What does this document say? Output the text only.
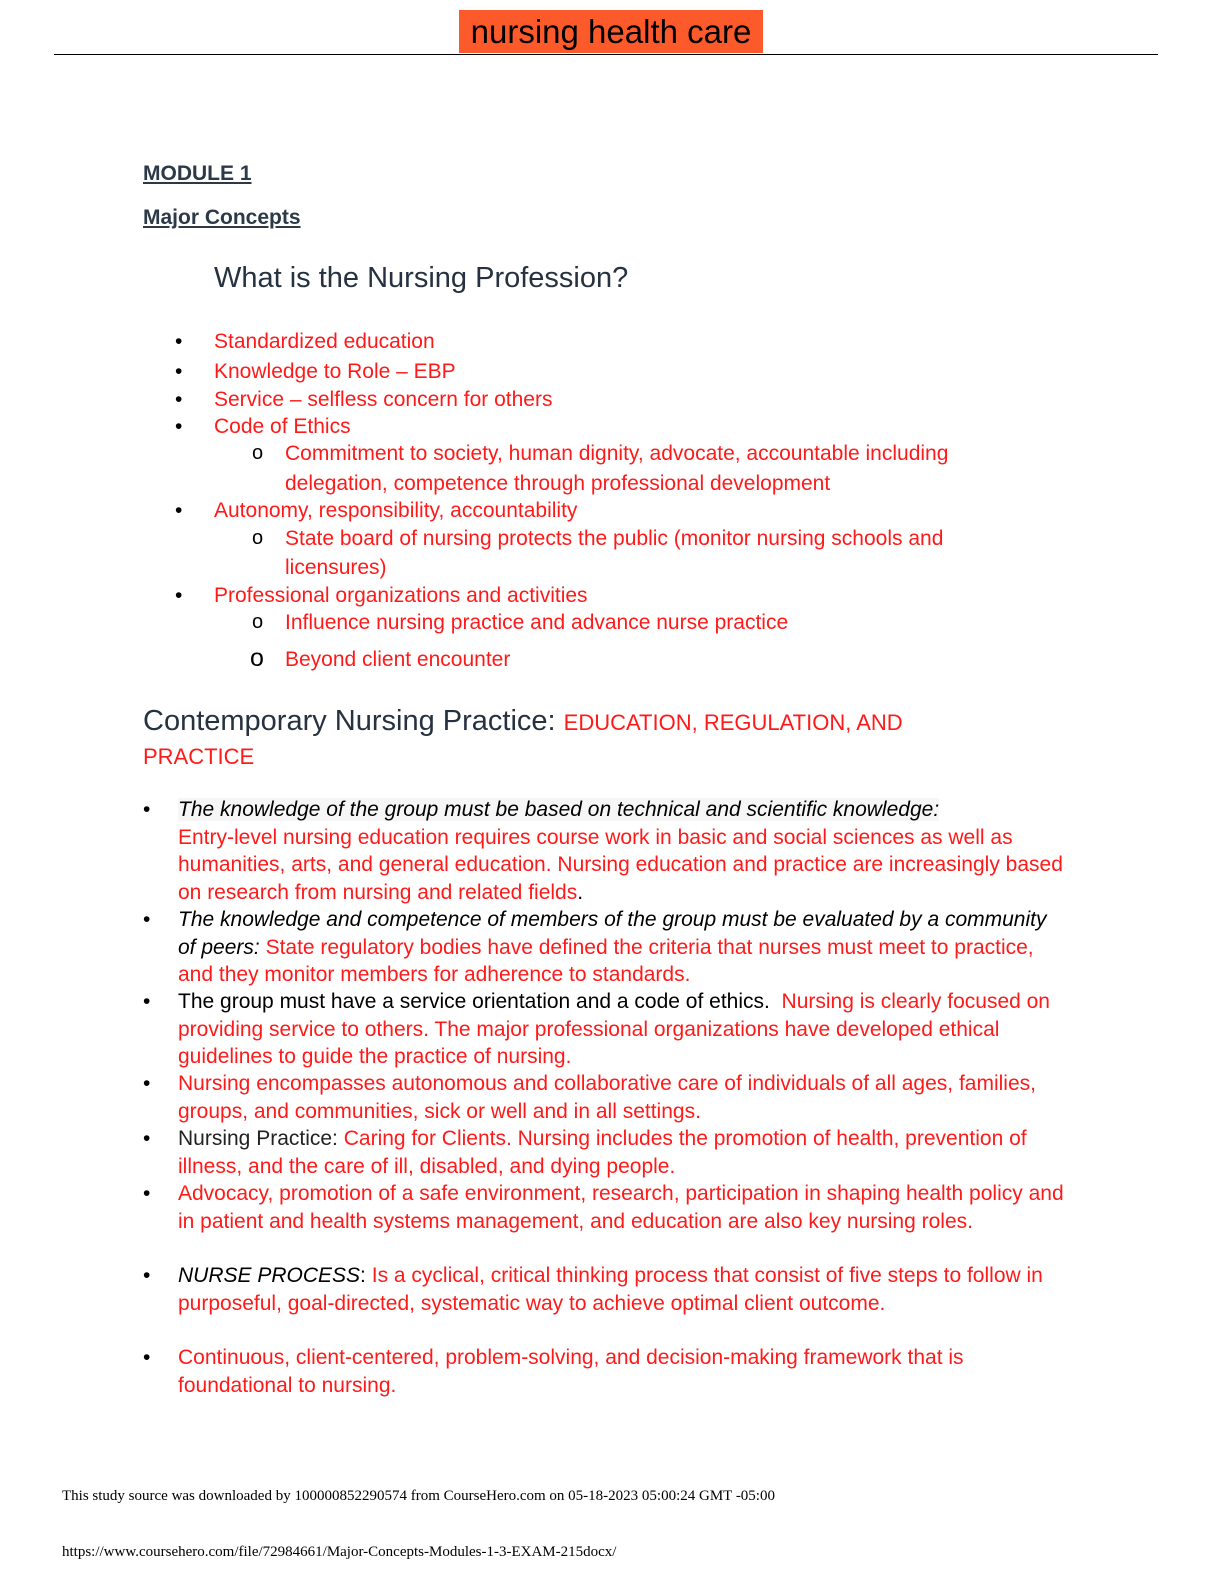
nursing health care
MODULE 1
Major Concepts
What is the Nursing Profession?
• Standardized education
• Knowledge to Role – EBP
• Service – selfless concern for others
• Code of Ethics
o Commitment to society, human dignity, advocate, accountable including
delegation, competence through professional development
• Autonomy, responsibility, accountability
o State board of nursing protects the public (monitor nursing schools and
licensures)
• Professional organizations and activities
o Influence nursing practice and advance nurse practice
o Beyond client encounter
Contemporary Nursing Practice: EDUCATION, REGULATION, AND
PRACTICE
• The knowledge of the group must be based on technical and scientific knowledge:
Entry-level nursing education requires course work in basic and social sciences as well as humanities, arts, and general education. Nursing education and practice are increasingly based on research from nursing and related fields.
• The knowledge and competence of members of the group must be evaluated by a community of peers: State regulatory bodies have defined the criteria that nurses must meet to practice, and they monitor members for adherence to standards.
• The group must have a service orientation and a code of ethics. Nursing is clearly focused on providing service to others. The major professional organizations have developed ethical guidelines to guide the practice of nursing.
• Nursing encompasses autonomous and collaborative care of individuals of all ages, families, groups, and communities, sick or well and in all settings.
• Nursing Practice: Caring for Clients. Nursing includes the promotion of health, prevention of illness, and the care of ill, disabled, and dying people.
• Advocacy, promotion of a safe environment, research, participation in shaping health policy and in patient and health systems management, and education are also key nursing roles.
• NURSE PROCESS: Is a cyclical, critical thinking process that consist of five steps to follow in purposeful, goal-directed, systematic way to achieve optimal client outcome.
• Continuous, client-centered, problem-solving, and decision-making framework that is foundational to nursing.
This study source was downloaded by 100000852290574 from CourseHero.com on 05-18-2023 05:00:24 GMT -05:00
https://www.coursehero.com/file/72984661/Major-Concepts-Modules-1-3-EXAM-215docx/
